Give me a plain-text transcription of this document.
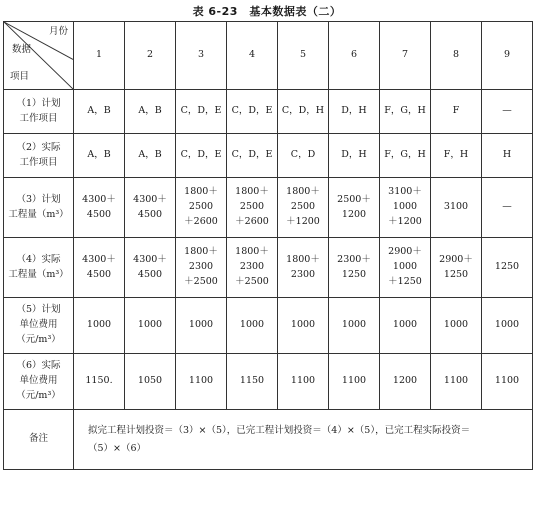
表 6-23　基本数据表（二）
月份
数据
项目	1	2	3	4	5	6	7	8	9

（1）计划
工作项目	A，B	A，B	C，D，E	C，D，E	C，D，H	D，H	F，G，H	F	—

（2）实际
工作项目	A，B	A，B	C，D，E	C，D，E	C，D	D，H	F，G，H	F，H	H

（3）计划
工程量（m³）	4300＋
4500	4300＋
4500	1800＋
2500
＋2600	1800＋
2500
＋2600	1800＋
2500
＋1200	2500＋
1200	3100＋
1000
＋1200	3100	—

（4）实际
工程量（m³）	4300＋
4500	4300＋
4500	1800＋
2300
＋2500	1800＋
2300
＋2500	1800＋
2300	2300＋
1250	2900＋
1000
＋1250	2900＋
1250	1250

（5）计划
单位费用
（元/m³）	1000	1000	1000	1000	1000	1000	1000	1000	1000

（6）实际
单位费用
（元/m³）	1150.	1050	1100	1150	1100	1100	1200	1100	1100

备注	拟完工程计划投资＝（3）×（5），已完工程计划投资＝（4）×（5），已完工程实际投资＝
（5）×（6）								
